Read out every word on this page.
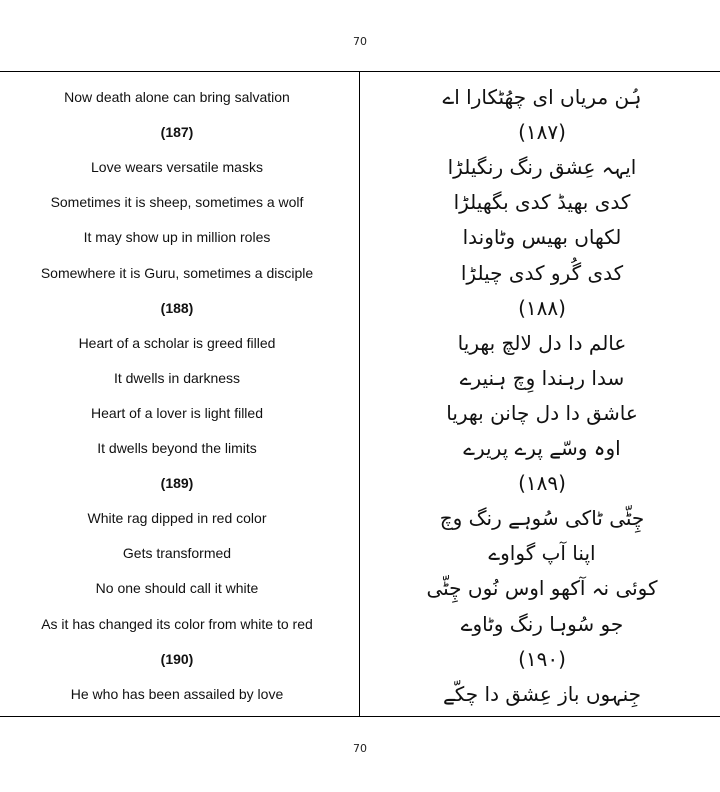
70
Now death alone can bring salvation	ہُن مریاں ای چھُٹکارا اے
(187)	(۱۸۷)
Love wears versatile masks	ایہہ عِشق رنگ رنگیلڑا
Sometimes it is sheep, sometimes a wolf	کدی بھیڈ کدی بگھیلڑا
It may show up in million roles	لکھاں بھیس وٹاوندا
Somewhere it is Guru, sometimes a disciple	کدی گُرو کدی چیلڑا
(188)	(۱۸۸)
Heart of a scholar is greed filled	عالم دا دل لالچ بھریا
It dwells in darkness	سدا رہندا وِچ ہنیرے
Heart of a lover is light filled	عاشق دا دل چانن بھریا
It dwells beyond the limits	اوہ وسّے پرے پریرے
(189)	(۱۸۹)
White rag dipped in red color	چِٹّی ٹاکی سُوہے رنگ وچ
Gets transformed	اپنا آپ گواوے
No one should call it white	کوئی نہ آکھو اوس نُوں چِٹّی
As it has changed its color from white to red	جو سُوہا رنگ وٹاوے
(190)	(۱۹۰)
He who has been assailed by love	جِنہوں باز عِشق دا چکّے
70
